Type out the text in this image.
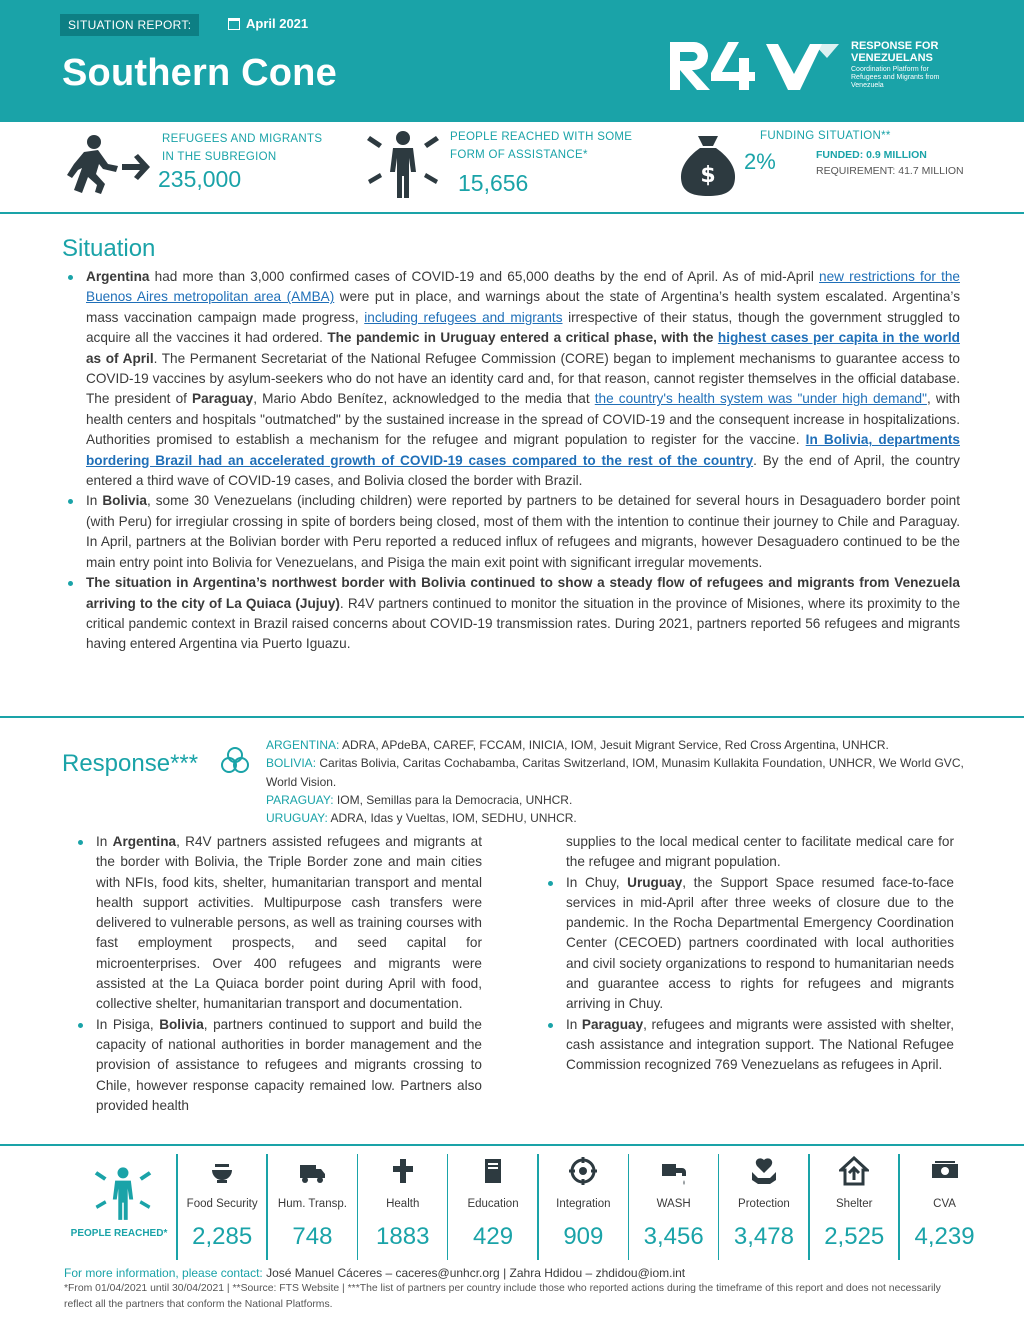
SITUATION REPORT:	April 2021
Southern Cone
RESPONSE FOR
VENEZUELANS
Coordination Platform for Refugees and Migrants from Venezuela
REFUGEES AND MIGRANTS
IN THE SUBREGION
235,000
PEOPLE REACHED WITH SOME
FORM OF ASSISTANCE*
15,656	$
FUNDING SITUATION**
2%	FUNDED: 0.9 MILLION
REQUIREMENT: 41.7 MILLION
Situation
Argentina had more than 3,000 confirmed cases of COVID-19 and 65,000 deaths by the end of April. As of mid-April new restrictions for the Buenos Aires metropolitan area (AMBA) were put in place, and warnings about the state of Argentina’s health system escalated. Argentina’s mass vaccination campaign made progress, including refugees and migrants irrespective of their status, though the government struggled to acquire all the vaccines it had ordered. The pandemic in Uruguay entered a critical phase, with the highest cases per capita in the world as of April. The Permanent Secretariat of the National Refugee Commission (CORE) began to implement mechanisms to guarantee access to COVID-19 vaccines by asylum-seekers who do not have an identity card and, for that reason, cannot register themselves in the official database. The president of Paraguay, Mario Abdo Benítez, acknowledged to the media that the country's health system was "under high demand", with health centers and hospitals "outmatched" by the sustained increase in the spread of COVID-19 and the consequent increase in hospitalizations. Authorities promised to establish a mechanism for the refugee and migrant population to register for the vaccine. In Bolivia, departments bordering Brazil had an accelerated growth of COVID-19 cases compared to the rest of the country. By the end of April, the country entered a third wave of COVID-19 cases, and Bolivia closed the border with Brazil.
In Bolivia, some 30 Venezuelans (including children) were reported by partners to be detained for several hours in Desaguadero border point (with Peru) for irregiular crossing in spite of borders being closed, most of them with the intention to continue their journey to Chile and Paraguay. In April, partners at the Bolivian border with Peru reported a reduced influx of refugees and migrants, however Desaguadero continued to be the main entry point into Bolivia for Venezuelans, and Pisiga the main exit point with significant irregular movements.
The situation in Argentina’s northwest border with Bolivia continued to show a steady flow of refugees and migrants from Venezuela arriving to the city of La Quiaca (Jujuy). R4V partners continued to monitor the situation in the province of Misiones, where its proximity to the critical pandemic context in Brazil raised concerns about COVID-19 transmission rates. During 2021, partners reported 56 refugees and migrants having entered Argentina via Puerto Iguazu.
Response***
ARGENTINA: ADRA, APdeBA, CAREF, FCCAM, INICIA, IOM, Jesuit Migrant Service, Red Cross Argentina, UNHCR.
BOLIVIA: Caritas Bolivia, Caritas Cochabamba, Caritas Switzerland, IOM, Munasim Kullakita Foundation, UNHCR, We World GVC, World Vision.
PARAGUAY: IOM, Semillas para la Democracia, UNHCR.
URUGUAY: ADRA, Idas y Vueltas, IOM, SEDHU, UNHCR.
In Argentina, R4V partners assisted refugees and migrants at the border with Bolivia, the Triple Border zone and main cities with NFIs, food kits, shelter, humanitarian transport and mental health support activities. Multipurpose cash transfers were delivered to vulnerable persons, as well as training courses with fast employment prospects, and seed capital for microenterprises. Over 400 refugees and migrants were assisted at the La Quiaca border point during April with food, collective shelter, humanitarian transport and documentation.
In Pisiga, Bolivia, partners continued to support and build the capacity of national authorities in border management and the provision of assistance to refugees and migrants crossing to Chile, however response capacity remained low. Partners also provided health
supplies to the local medical center to facilitate medical care for the refugee and migrant population.
In Chuy, Uruguay, the Support Space resumed face-to-face services in mid-April after three weeks of closure due to the pandemic. In the Rocha Departmental Emergency Coordination Center (CECOED) partners coordinated with local authorities and civil society organizations to respond to humanitarian needs and guarantee access to rights for refugees and migrants arriving in Chuy.
In Paraguay, refugees and migrants were assisted with shelter, cash assistance and integration support. The National Refugee Commission recognized 769 Venezuelans as refugees in April.
PEOPLE REACHED*
Food Security
2,285
Hum. Transp.
748
Health
1883
Education
429
Integration
909
WASH
3,456
Protection
3,478
Shelter
2,525
CVA
4,239
For more information, please contact: José Manuel Cáceres – caceres@unhcr.org | Zahra Hdidou – zhdidou@iom.int
*From 01/04/2021 until 30/04/2021 | **Source: FTS Website | ***The list of partners per country include those who reported actions during the timeframe of this report and does not necessarily reflect all the partners that conform the National Platforms.
